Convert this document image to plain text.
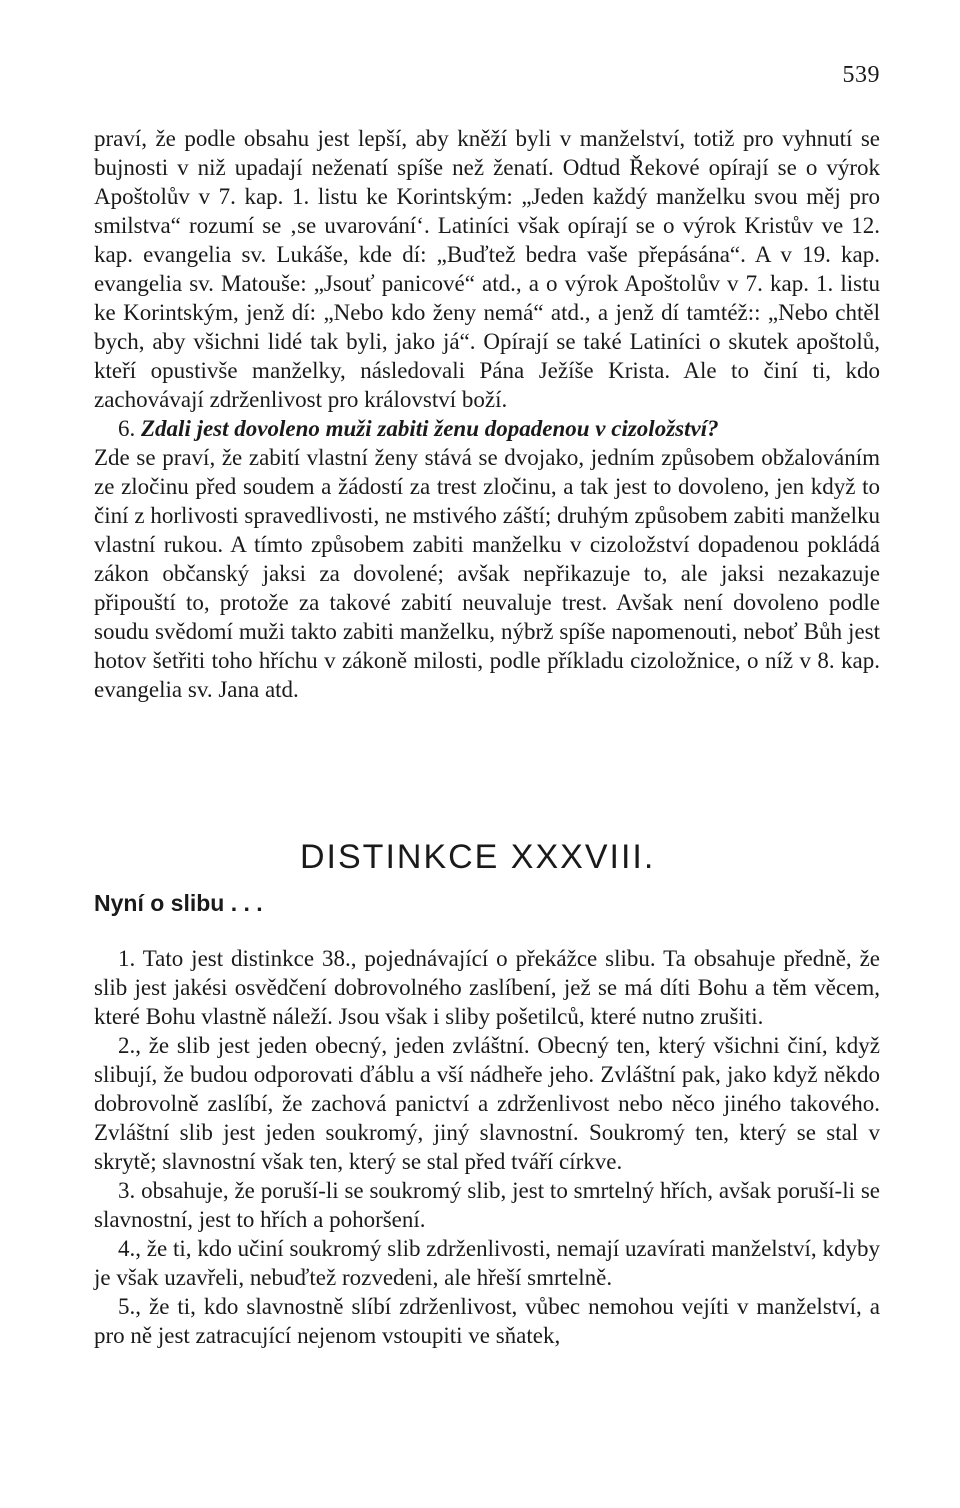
539

praví, že podle obsahu jest lepší, aby kněží byli v manželství, totiž pro vyhnutí se bujnosti v niž upadají neženatí spíše než ženatí. Odtud Řekové opírají se o výrok Apoštolův v 7. kap. 1. listu ke Korintským: „Jeden každý manželku svou měj pro smilstva“ rozumí se ‚se uvarování‘. Latiníci však opírají se o výrok Kristův ve 12. kap. evangelia sv. Lukáše, kde dí: „Buďtež bedra vaše přepásána“. A v 19. kap. evangelia sv. Matouše: „Jsouť panicové“ atd., a o výrok Apoštolův v 7. kap. 1. listu ke Korintským, jenž dí: „Nebo kdo ženy nemá“ atd., a jenž dí tamtéž:: „Nebo chtěl bych, aby všichni lidé tak byli, jako já“. Opírají se také Latiníci o skutek apoštolů, kteří opustivše manželky, následovali Pána Ježíše Krista. Ale to činí ti, kdo zachovávají zdrženlivost pro království boží.

6. Zdali jest dovoleno muži zabiti ženu dopadenou v cizoložství?

Zde se praví, že zabití vlastní ženy stává se dvojako, jedním způsobem obžalováním ze zločinu před soudem a žádostí za trest zločinu, a tak jest to dovoleno, jen když to činí z horlivosti spravedlivosti, ne mstivého záští; druhým způsobem zabiti manželku vlastní rukou. A tímto způsobem zabiti manželku v cizoložství dopadenou pokládá zákon občanský jaksi za dovolené; avšak nepřikazuje to, ale jaksi nezakazuje připouští to, protože za takové zabití neuvaluje trest. Avšak není dovoleno podle soudu svědomí muži takto zabiti manželku, nýbrž spíše napomenouti, neboť Bůh jest hotov šetřiti toho hříchu v zákoně milosti, podle příkladu cizoložnice, o níž v 8. kap. evangelia sv. Jana atd.

DISTINKCE XXXVIII.
Nyní o slibu . . .

1. Tato jest distinkce 38., pojednávající o překážce slibu. Ta obsahuje předně, že slib jest jakési osvědčení dobrovolného zaslíbení, jež se má díti Bohu a těm věcem, které Bohu vlastně náleží. Jsou však i sliby pošetilců, které nutno zrušiti.

2., že slib jest jeden obecný, jeden zvláštní. Obecný ten, který všichni činí, když slibují, že budou odporovati ďáblu a vší nádheře jeho. Zvláštní pak, jako když někdo dobrovolně zaslíbí, že zachová panictví a zdrženlivost nebo něco jiného takového. Zvláštní slib jest jeden soukromý, jiný slavnostní. Soukromý ten, který se stal v skrytě; slavnostní však ten, který se stal před tváří církve.

3. obsahuje, že poruší-li se soukromý slib, jest to smrtelný hřích, avšak poruší-li se slavnostní, jest to hřích a pohoršení.

4., že ti, kdo učiní soukromý slib zdrženlivosti, nemají uzavírati manželství, kdyby je však uzavřeli, nebuďtež rozvedeni, ale hřeší smrtelně.

5., že ti, kdo slavnostně slíbí zdrženlivost, vůbec nemohou vejíti v manželství, a pro ně jest zatracující nejenom vstoupiti ve sňatek,
